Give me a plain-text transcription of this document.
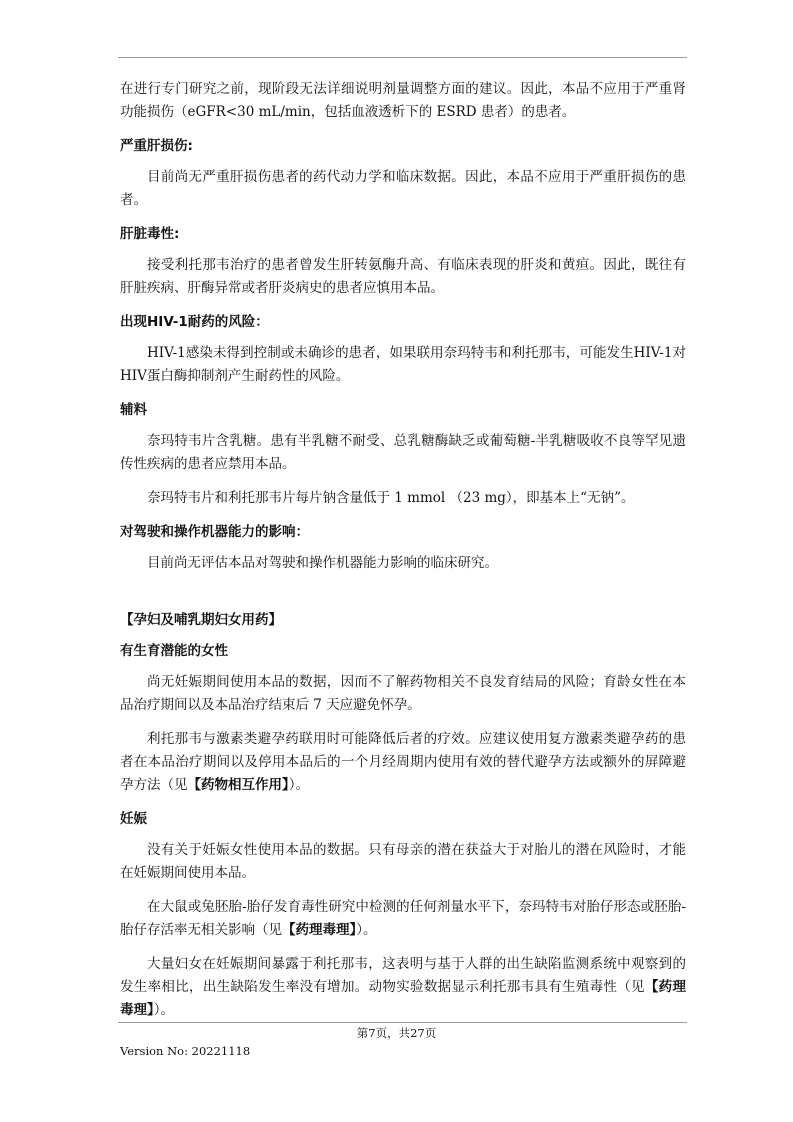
在进行专门研究之前，现阶段无法详细说明剂量调整方面的建议。因此，本品不应用于严重肾功能损伤（eGFR<30 mL/min，包括血液透析下的 ESRD 患者）的患者。

严重肝损伤:

目前尚无严重肝损伤患者的药代动力学和临床数据。因此，本品不应用于严重肝损伤的患者。

肝脏毒性:

接受利托那韦治疗的患者曾发生肝转氨酶升高、有临床表现的肝炎和黄疸。因此，既往有肝脏疾病、肝酶异常或者肝炎病史的患者应慎用本品。

出现HIV-1耐药的风险：

HIV-1感染未得到控制或未确诊的患者，如果联用奈玛特韦和利托那韦，可能发生HIV-1对HIV蛋白酶抑制剂产生耐药性的风险。

辅料

奈玛特韦片含乳糖。患有半乳糖不耐受、总乳糖酶缺乏或葡萄糖-半乳糖吸收不良等罕见遗传性疾病的患者应禁用本品。

奈玛特韦片和利托那韦片每片钠含量低于 1 mmol （23 mg），即基本上“无钠”。

对驾驶和操作机器能力的影响：

目前尚无评估本品对驾驶和操作机器能力影响的临床研究。

【孕妇及哺乳期妇女用药】
有生育潜能的女性

尚无妊娠期间使用本品的数据，因而不了解药物相关不良发育结局的风险；育龄女性在本品治疗期间以及本品治疗结束后 7 天应避免怀孕。

利托那韦与激素类避孕药联用时可能降低后者的疗效。应建议使用复方激素类避孕药的患者在本品治疗期间以及停用本品后的一个月经周期内使用有效的替代避孕方法或额外的屏障避孕方法（见【药物相互作用】）。

妊娠

没有关于妊娠女性使用本品的数据。只有母亲的潜在获益大于对胎儿的潜在风险时，才能在妊娠期间使用本品。

在大鼠或兔胚胎-胎仔发育毒性研究中检测的任何剂量水平下，奈玛特韦对胎仔形态或胚胎-胎仔存活率无相关影响（见【药理毒理】）。

大量妇女在妊娠期间暴露于利托那韦，这表明与基于人群的出生缺陷监测系统中观察到的发生率相比，出生缺陷发生率没有增加。动物实验数据显示利托那韦具有生殖毒性（见【药理毒理】）。

第7页，共27页
Version No: 20221118
